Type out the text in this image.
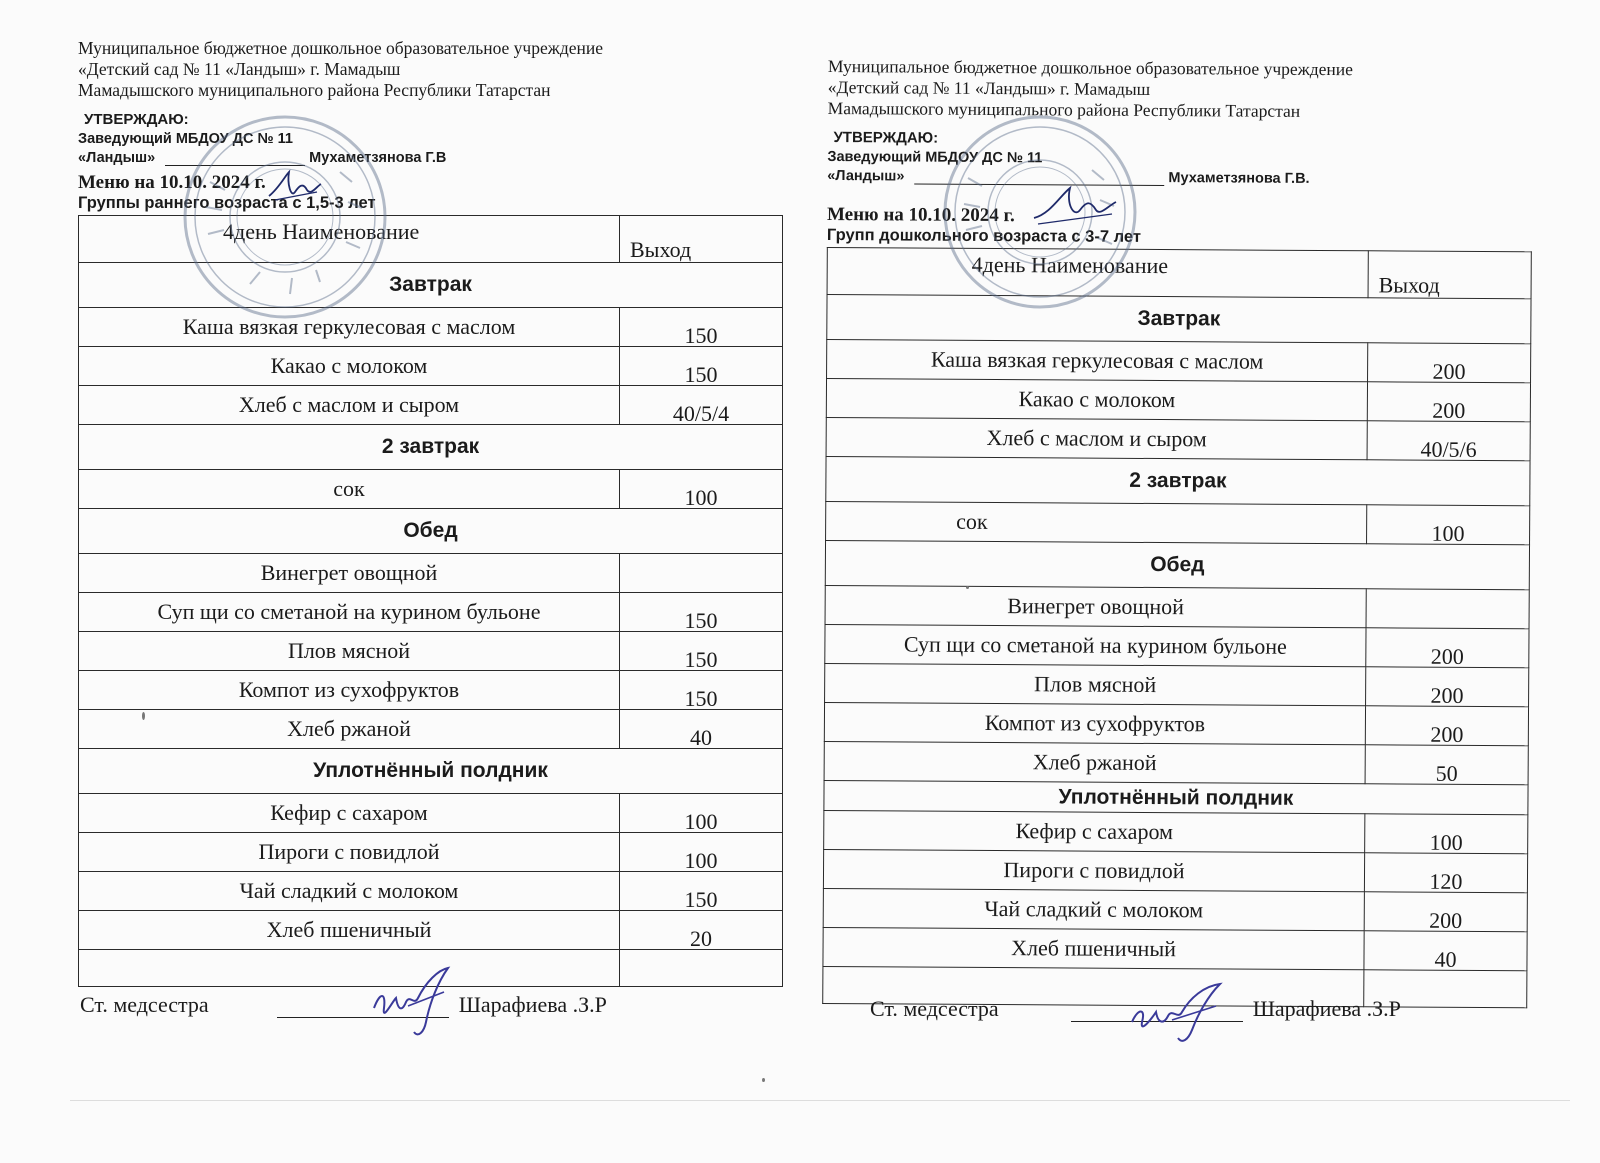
Муниципальное бюджетное дошкольное образовательное учреждение
«Детский сад № 11 «Ландыш» г. Мамадыш
Мамадышского муниципального района Республики Татарстан
УТВЕРЖДАЮ:
Заведующий МБДОУ ДС № 11
«Ландыш»	Мухаметзянова Г.В
Меню на 10.10. 2024 г.
Группы раннего возраста с 1,5-3 лет
4день Наименование	Выход
Завтрак	
Каша вязкая геркулесовая с маслом	150
Какао с молоком	150
Хлеб с маслом и сыром	40/5/4
2 завтрак	
сок	100
Обед	
Винегрет овощной	
Суп щи со сметаной на курином бульоне	150
Плов мясной	150
Компот из сухофруктов	150
Хлеб ржаной	40
Уплотнённый полдник	
Кефир с сахаром	100
Пироги с повидлой	100
Чай сладкий с молоком	150
Хлеб пшеничный	20

Муниципальное бюджетное дошкольное образовательное учреждение
«Детский сад № 11 «Ландыш» г. Мамадыш
Мамадышского муниципального района Республики Татарстан
УТВЕРЖДАЮ:
Заведующий МБДОУ ДС № 11
«Ландыш»	Мухаметзянова Г.В.
Меню на 10.10. 2024 г.
Групп дошкольного возраста с 3-7 лет
4день Наименование	Выход
Завтрак	
Каша вязкая геркулесовая с маслом	200
Какао с молоком	200
Хлеб с маслом и сыром	40/5/6
2 завтрак	
сок	100
Обед	
Винегрет овощной	
Суп щи со сметаной на курином бульоне	200
Плов мясной	200
Компот из сухофруктов	200
Хлеб ржаной	50
Уплотнённый полдник	
Кефир с сахаром	100
Пироги с повидлой	120
Чай сладкий с молоком	200
Хлеб пшеничный	40

Ст. медсестра	Шарафиева .З.Р	Ст. медсестра	Шарафиева .З.Р
